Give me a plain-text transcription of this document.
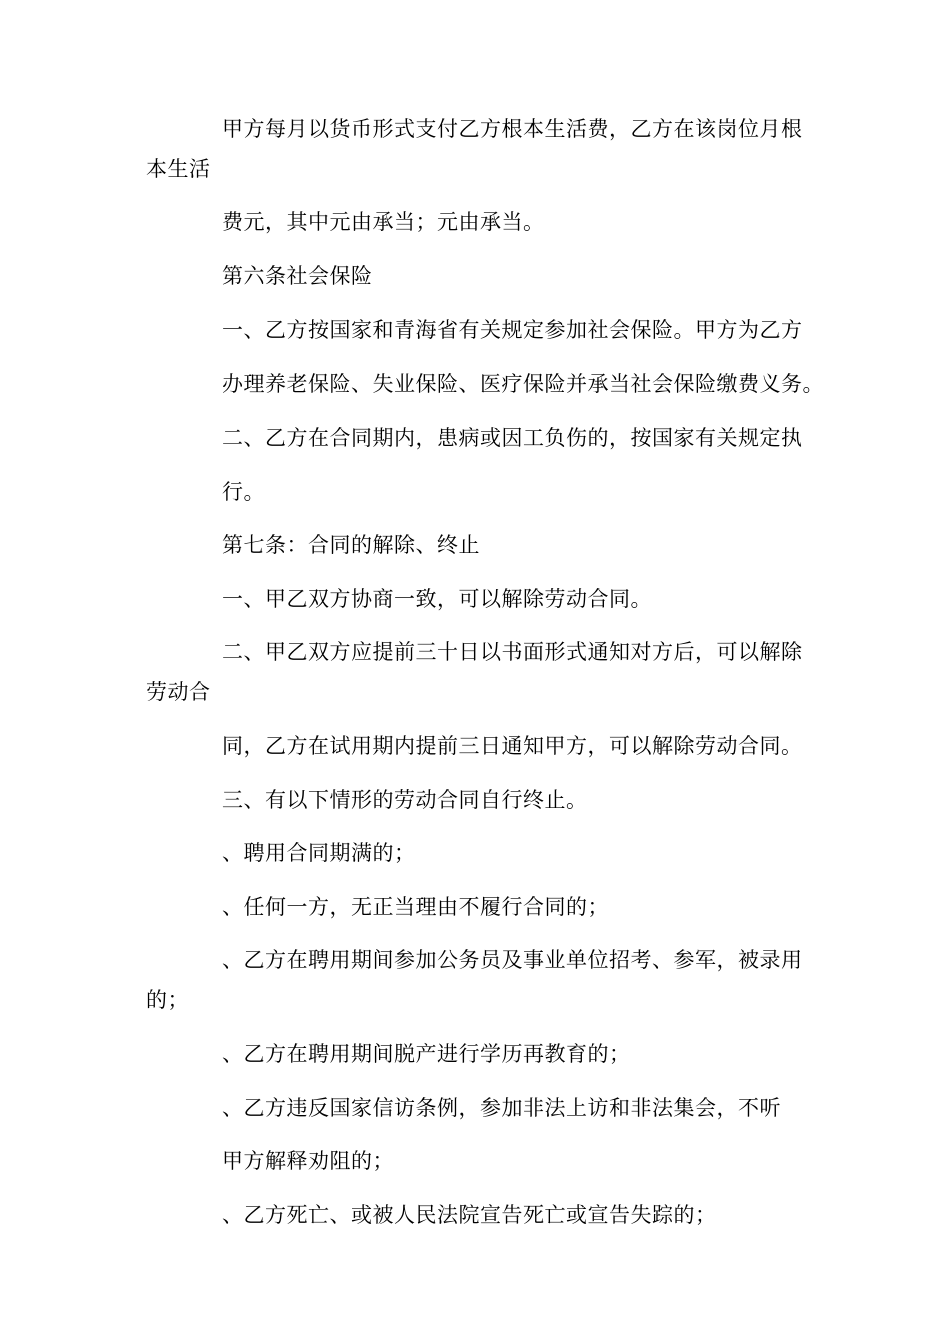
甲方每月以货币形式支付乙方根本生活费，乙方在该岗位月根
本生活
费元，其中元由承当；元由承当。
第六条社会保险
一、乙方按国家和青海省有关规定参加社会保险。甲方为乙方
办理养老保险、失业保险、医疗保险并承当社会保险缴费义务。
二、乙方在合同期内，患病或因工负伤的，按国家有关规定执
行。
第七条：合同的解除、终止
一、甲乙双方协商一致，可以解除劳动合同。
二、甲乙双方应提前三十日以书面形式通知对方后，可以解除
劳动合
同，乙方在试用期内提前三日通知甲方，可以解除劳动合同。
三、有以下情形的劳动合同自行终止。
、聘用合同期满的；
、任何一方，无正当理由不履行合同的；
、乙方在聘用期间参加公务员及事业单位招考、参军，被录用
的；
、乙方在聘用期间脱产进行学历再教育的；
、乙方违反国家信访条例，参加非法上访和非法集会，不听
甲方解释劝阻的；
、乙方死亡、或被人民法院宣告死亡或宣告失踪的；
